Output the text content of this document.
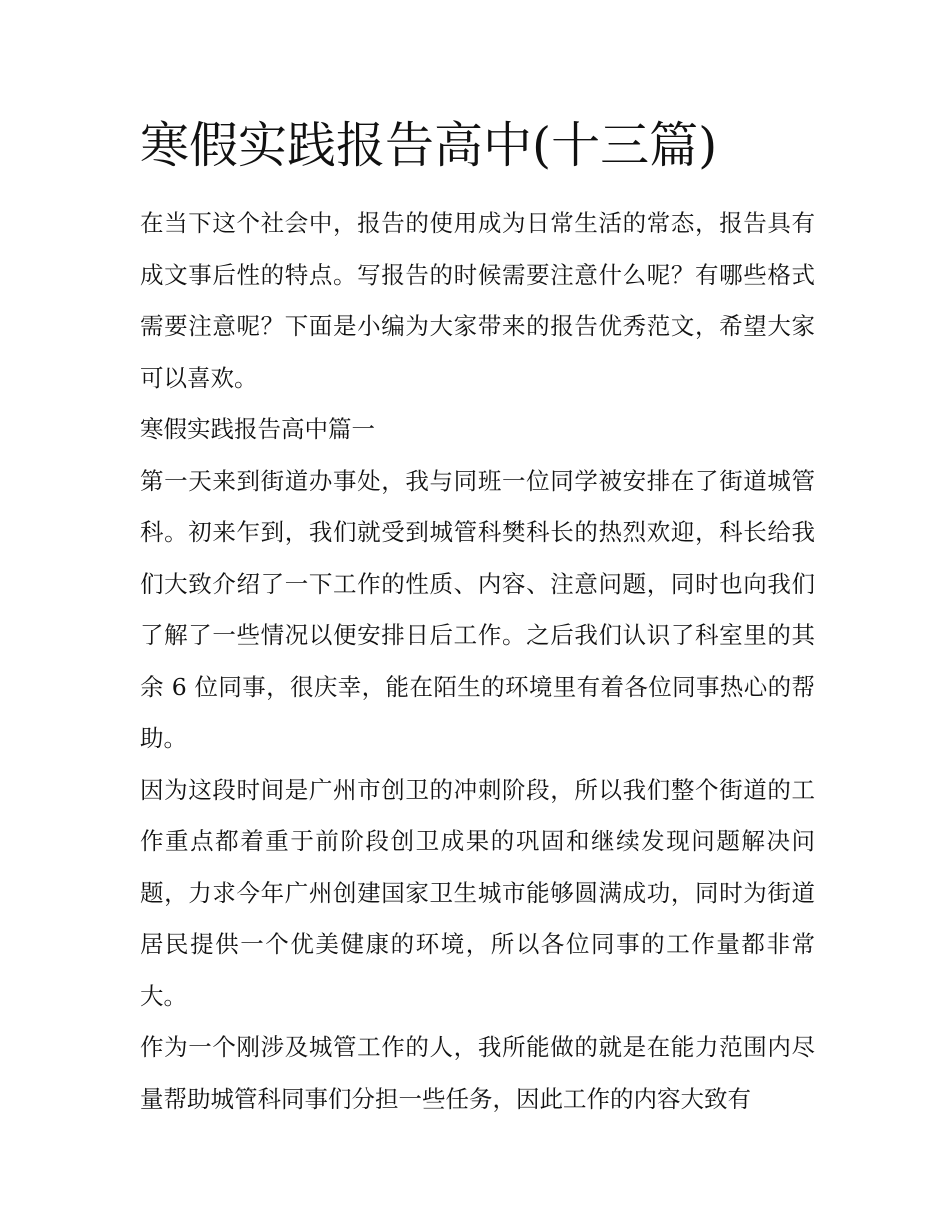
寒假实践报告高中(十三篇)

在当下这个社会中，报告的使用成为日常生活的常态，报告具有成文事后性的特点。写报告的时候需要注意什么呢？有哪些格式需要注意呢？下面是小编为大家带来的报告优秀范文，希望大家可以喜欢。

寒假实践报告高中篇一

第一天来到街道办事处，我与同班一位同学被安排在了街道城管科。初来乍到，我们就受到城管科樊科长的热烈欢迎，科长给我们大致介绍了一下工作的性质、内容、注意问题，同时也向我们了解了一些情况以便安排日后工作。之后我们认识了科室里的其余 6 位同事，很庆幸，能在陌生的环境里有着各位同事热心的帮助。

因为这段时间是广州市创卫的冲刺阶段，所以我们整个街道的工作重点都着重于前阶段创卫成果的巩固和继续发现问题解决问题，力求今年广州创建国家卫生城市能够圆满成功，同时为街道居民提供一个优美健康的环境，所以各位同事的工作量都非常大。

作为一个刚涉及城管工作的人，我所能做的就是在能力范围内尽量帮助城管科同事们分担一些任务，因此工作的内容大致有
